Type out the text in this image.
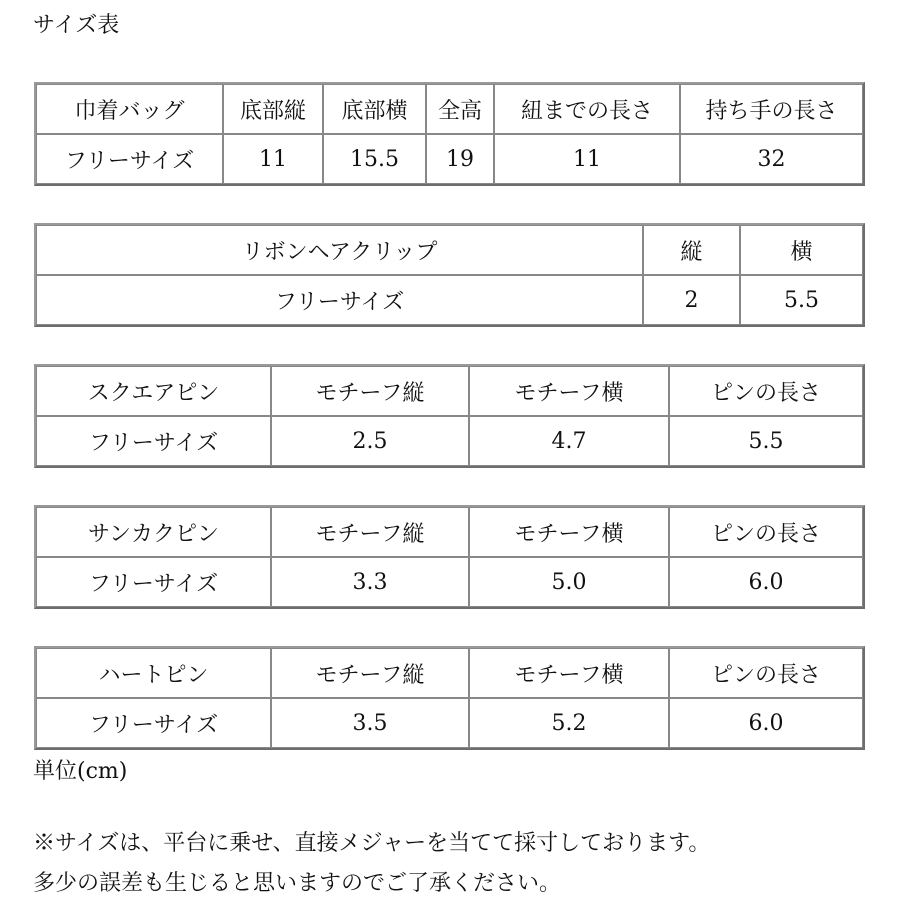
サイズ表
巾着バッグ	底部縦	底部横	全高	紐までの長さ	持ち手の長さ
フリーサイズ	11	15.5	19	11	32
リボンヘアクリップ	縦	横
フリーサイズ	2	5.5
スクエアピン	モチーフ縦	モチーフ横	ピンの長さ
フリーサイズ	2.5	4.7	5.5
サンカクピン	モチーフ縦	モチーフ横	ピンの長さ
フリーサイズ	3.3	5.0	6.0
ハートピン	モチーフ縦	モチーフ横	ピンの長さ
フリーサイズ	3.5	5.2	6.0
単位(cm)
※サイズは、平台に乗せ、直接メジャーを当てて採寸しております。
多少の誤差も生じると思いますのでご了承ください。
